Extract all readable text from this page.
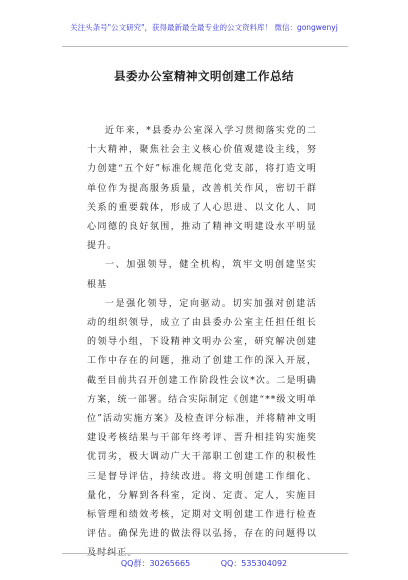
关注头条号"公文研究"，获得最新最全最专业的公文资料库！ 微信：gongwenyj
县委办公室精神文明创建工作总结

近年来，*县委办公室深入学习贯彻落实党的二十大精神，聚焦社会主义核心价值观建设主线，努力创建“五个好”标准化规范化党支部，将打造文明单位作为提高服务质量，改善机关作风，密切干群关系的重要载体，形成了人心思进、以文化人、同心同德的良好氛围，推动了精神文明建设水平明显提升。

一、加强领导，健全机构，筑牢文明创建坚实根基

一是强化领导，定向驱动。切实加强对创建活动的组织领导，成立了由县委办公室主任担任组长的领导小组，下设精神文明办公室，研究解决创建工作中存在的问题，推动了创建工作的深入开展，截至目前共召开创建工作阶段性会议*次。二是明确方案，统一部署。结合实际制定《创建“**级文明单位”活动实施方案》及检查评分标准，并将精神文明建设考核结果与干部年终考评、晋升相挂钩实施奖优罚劣，极大调动广大干部职工创建工作的积极性三是督导评估，持续改进。将文明创建工作细化、量化，分解到各科室，定岗、定责、定人，实施目标管理和绩效考核，定期对文明创建工作进行检查评估。确保先进的做法得以弘扬，存在的问题得以及时纠正。

QQ群：30265665	QQ：535304092
